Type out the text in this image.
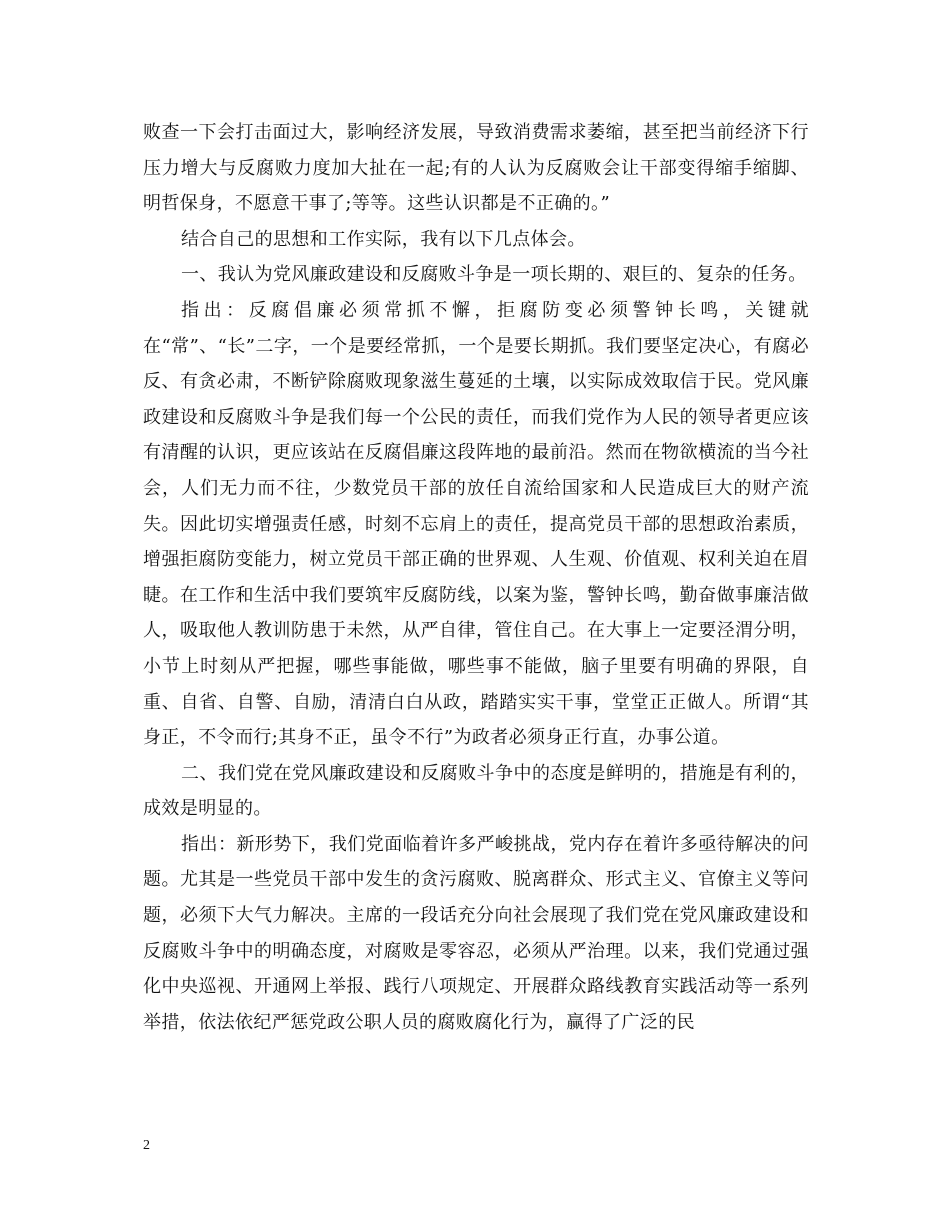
败查一下会打击面过大，影响经济发展，导致消费需求萎缩，甚至把当前经济下行压力增大与反腐败力度加大扯在一起;有的人认为反腐败会让干部变得缩手缩脚、明哲保身，不愿意干事了;等等。这些认识都是不正确的。”

结合自己的思想和工作实际，我有以下几点体会。

一、我认为党风廉政建设和反腐败斗争是一项长期的、艰巨的、复杂的任务。

指出：反腐倡廉必须常抓不懈，拒腐防变必须警钟长鸣，关键就在“常”、“长”二字，一个是要经常抓，一个是要长期抓。我们要坚定决心，有腐必反、有贪必肃，不断铲除腐败现象滋生蔓延的土壤，以实际成效取信于民。党风廉政建设和反腐败斗争是我们每一个公民的责任，而我们党作为人民的领导者更应该有清醒的认识，更应该站在反腐倡廉这段阵地的最前沿。然而在物欲横流的当今社会，人们无力而不往，少数党员干部的放任自流给国家和人民造成巨大的财产流失。因此切实增强责任感，时刻不忘肩上的责任，提高党员干部的思想政治素质，增强拒腐防变能力，树立党员干部正确的世界观、人生观、价值观、权利关迫在眉睫。在工作和生活中我们要筑牢反腐防线，以案为鉴，警钟长鸣，勤奋做事廉洁做人，吸取他人教训防患于未然，从严自律，管住自己。在大事上一定要泾渭分明，小节上时刻从严把握，哪些事能做，哪些事不能做，脑子里要有明确的界限，自重、自省、自警、自励，清清白白从政，踏踏实实干事，堂堂正正做人。所谓“其身正，不令而行;其身不正，虽令不行”为政者必须身正行直，办事公道。

二、我们党在党风廉政建设和反腐败斗争中的态度是鲜明的，措施是有利的，成效是明显的。

指出：新形势下，我们党面临着许多严峻挑战，党内存在着许多亟待解决的问题。尤其是一些党员干部中发生的贪污腐败、脱离群众、形式主义、官僚主义等问题，必须下大气力解决。主席的一段话充分向社会展现了我们党在党风廉政建设和反腐败斗争中的明确态度，对腐败是零容忍，必须从严治理。以来，我们党通过强化中央巡视、开通网上举报、践行八项规定、开展群众路线教育实践活动等一系列举措，依法依纪严惩党政公职人员的腐败腐化行为，赢得了广泛的民

2
